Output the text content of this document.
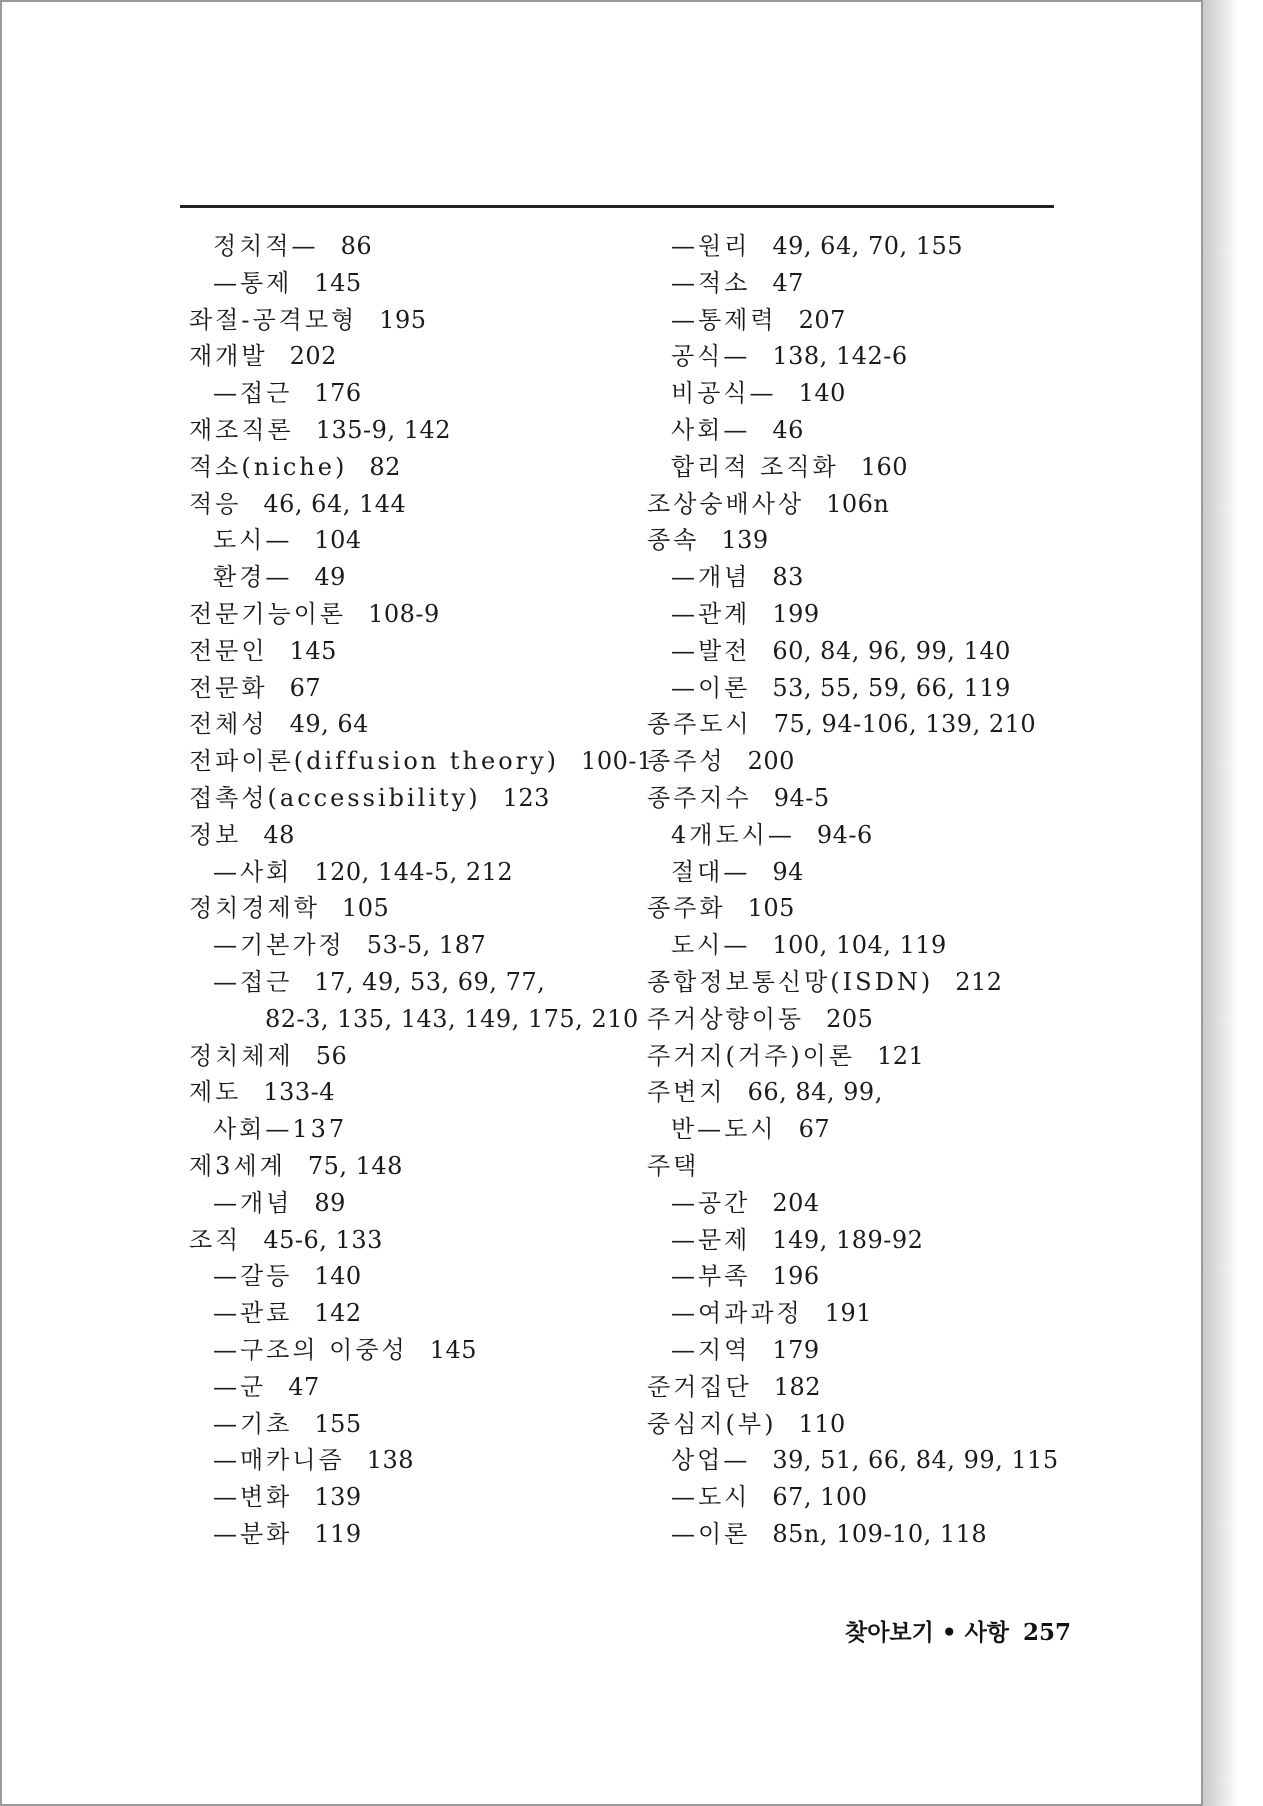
정치적— 86
—통제 145
좌절-공격모형 195
재개발 202
—접근 176
재조직론 135-9, 142
적소(niche) 82
적응 46, 64, 144
도시— 104
환경— 49
전문기능이론 108-9
전문인 145
전문화 67
전체성 49, 64
전파이론(diffusion theory) 100-1
접촉성(accessibility) 123
정보 48
—사회 120, 144-5, 212
정치경제학 105
—기본가정 53-5, 187
—접근 17, 49, 53, 69, 77,
82-3, 135, 143, 149, 175, 210
정치체제 56
제도 133-4
사회—137
제3세계 75, 148
—개념 89
조직 45-6, 133
—갈등 140
—관료 142
—구조의 이중성 145
—군 47
—기초 155
—매카니즘 138
—변화 139
—분화 119
—원리 49, 64, 70, 155
—적소 47
—통제력 207
공식— 138, 142-6
비공식— 140
사회— 46
합리적 조직화 160
조상숭배사상 106n
종속 139
—개념 83
—관계 199
—발전 60, 84, 96, 99, 140
—이론 53, 55, 59, 66, 119
종주도시 75, 94-106, 139, 210
종주성 200
종주지수 94-5
4개도시— 94-6
절대— 94
종주화 105
도시— 100, 104, 119
종합정보통신망(ISDN) 212
주거상향이동 205
주거지(거주)이론 121
주변지 66, 84, 99,
반—도시 67
주택
—공간 204
—문제 149, 189-92
—부족 196
—여과과정 191
—지역 179
준거집단 182
중심지(부) 110
상업— 39, 51, 66, 84, 99, 115
—도시 67, 100
—이론 85n, 109-10, 118
찾아보기 • 사항 257
